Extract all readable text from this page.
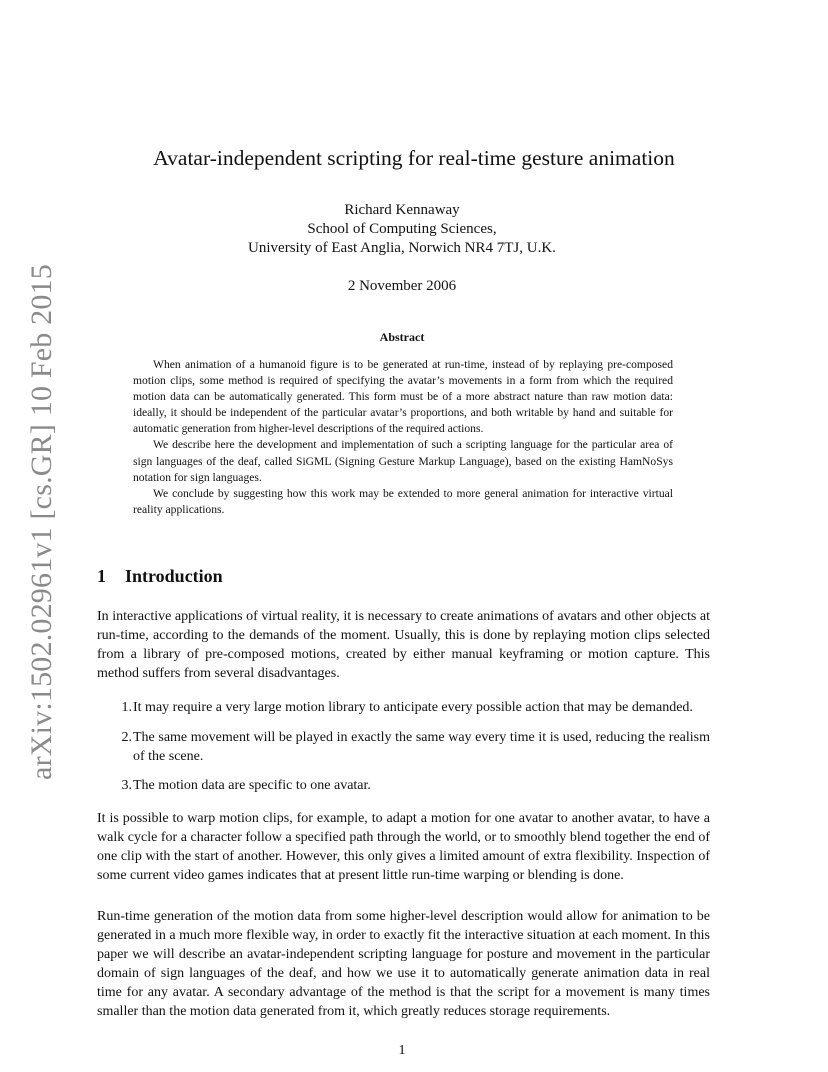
arXiv:1502.02961v1 [cs.GR] 10 Feb 2015
Avatar-independent scripting for real-time gesture animation
Richard Kennaway
School of Computing Sciences,
University of East Anglia, Norwich NR4 7TJ, U.K.
2 November 2006
Abstract

When animation of a humanoid figure is to be generated at run-time, instead of by replaying pre-composed motion clips, some method is required of specifying the avatar’s movements in a form from which the required motion data can be automatically generated. This form must be of a more abstract nature than raw motion data: ideally, it should be independent of the particular avatar’s proportions, and both writable by hand and suitable for automatic generation from higher-level descriptions of the required actions.

We describe here the development and implementation of such a scripting language for the particular area of sign languages of the deaf, called SiGML (Signing Gesture Markup Language), based on the existing HamNoSys notation for sign languages.

We conclude by suggesting how this work may be extended to more general animation for interactive virtual reality applications.

1 Introduction

In interactive applications of virtual reality, it is necessary to create animations of avatars and other objects at run-time, according to the demands of the moment. Usually, this is done by replaying motion clips selected from a library of pre-composed motions, created by either manual keyframing or motion capture. This method suffers from several disadvantages.

1. It may require a very large motion library to anticipate every possible action that may be demanded.
2. The same movement will be played in exactly the same way every time it is used, reducing the realism of the scene.
3. The motion data are specific to one avatar.

It is possible to warp motion clips, for example, to adapt a motion for one avatar to another avatar, to have a walk cycle for a character follow a specified path through the world, or to smoothly blend together the end of one clip with the start of another. However, this only gives a limited amount of extra flexibility. Inspection of some current video games indicates that at present little run-time warping or blending is done.

Run-time generation of the motion data from some higher-level description would allow for animation to be generated in a much more flexible way, in order to exactly fit the interactive situation at each moment. In this paper we will describe an avatar-independent scripting language for posture and movement in the particular domain of sign languages of the deaf, and how we use it to automatically generate animation data in real time for any avatar. A secondary advantage of the method is that the script for a movement is many times smaller than the motion data generated from it, which greatly reduces storage requirements.

1
